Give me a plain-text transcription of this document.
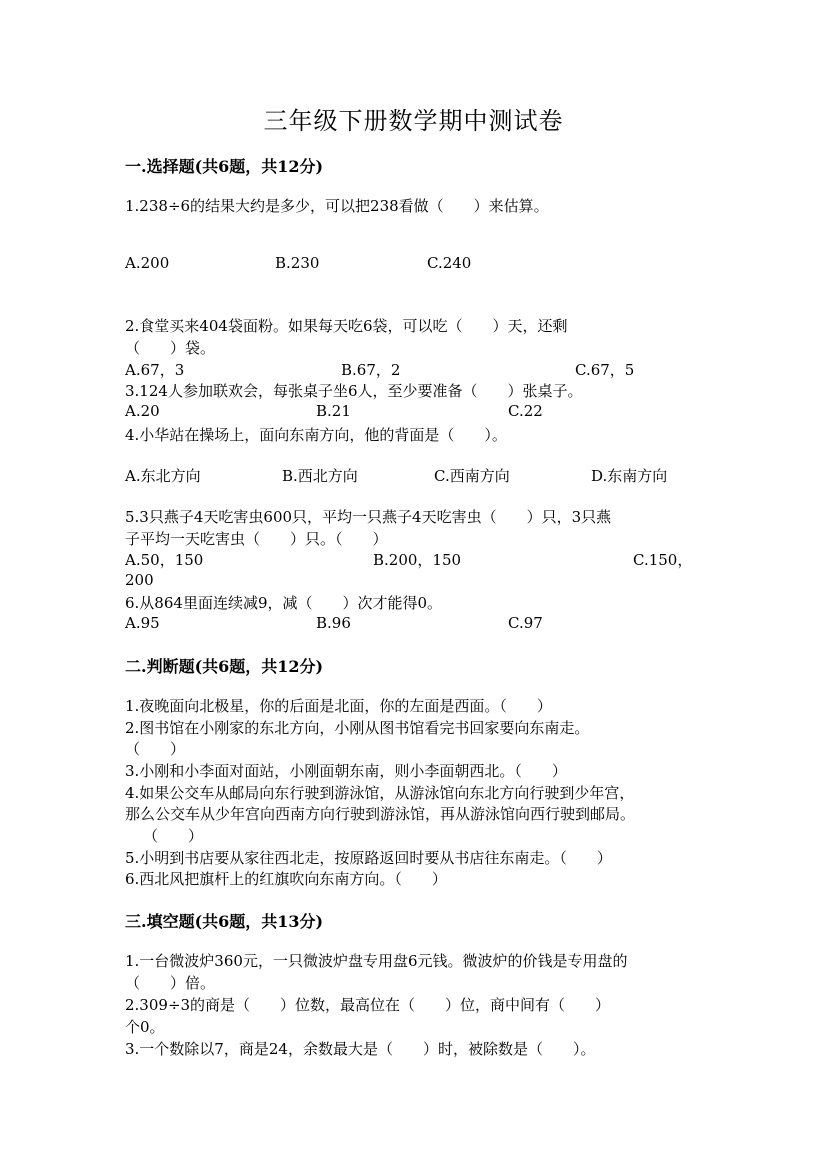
三年级下册数学期中测试卷
一.选择题(共6题，共12分)
1.238÷6的结果大约是多少，可以把238看做（　　）来估算。
A.200	B.230	C.240
2.食堂买来404袋面粉。如果每天吃6袋，可以吃（　　）天，还剩
（　　）袋。
A.67，3	B.67，2	C.67，5
3.124人参加联欢会，每张桌子坐6人，至少要准备（　　）张桌子。
A.20	B.21	C.22
4.小华站在操场上，面向东南方向，他的背面是（　　）。
A.东北方向	B.西北方向	C.西南方向	D.东南方向
5.3只燕子4天吃害虫600只，平均一只燕子4天吃害虫（　　）只，3只燕
子平均一天吃害虫（　　）只。（　　）
A.50，150	B.200，150	C.150，
200
6.从864里面连续减9，减（　　）次才能得0。
A.95	B.96	C.97
二.判断题(共6题，共12分)
1.夜晚面向北极星，你的后面是北面，你的左面是西面。（　　）
2.图书馆在小刚家的东北方向，小刚从图书馆看完书回家要向东南走。
（　　）
3.小刚和小李面对面站，小刚面朝东南，则小李面朝西北。（　　）
4.如果公交车从邮局向东行驶到游泳馆，从游泳馆向东北方向行驶到少年宫，
那么公交车从少年宫向西南方向行驶到游泳馆，再从游泳馆向西行驶到邮局。
（　　）
5.小明到书店要从家往西北走，按原路返回时要从书店往东南走。（　　）
6.西北风把旗杆上的红旗吹向东南方向。（　　）
三.填空题(共6题，共13分)
1.一台微波炉360元，一只微波炉盘专用盘6元钱。微波炉的价钱是专用盘的
（　　）倍。
2.309÷3的商是（　　）位数，最高位在（　　）位，商中间有（　　）
个0。
3.一个数除以7，商是24，余数最大是（　　）时，被除数是（　　）。
